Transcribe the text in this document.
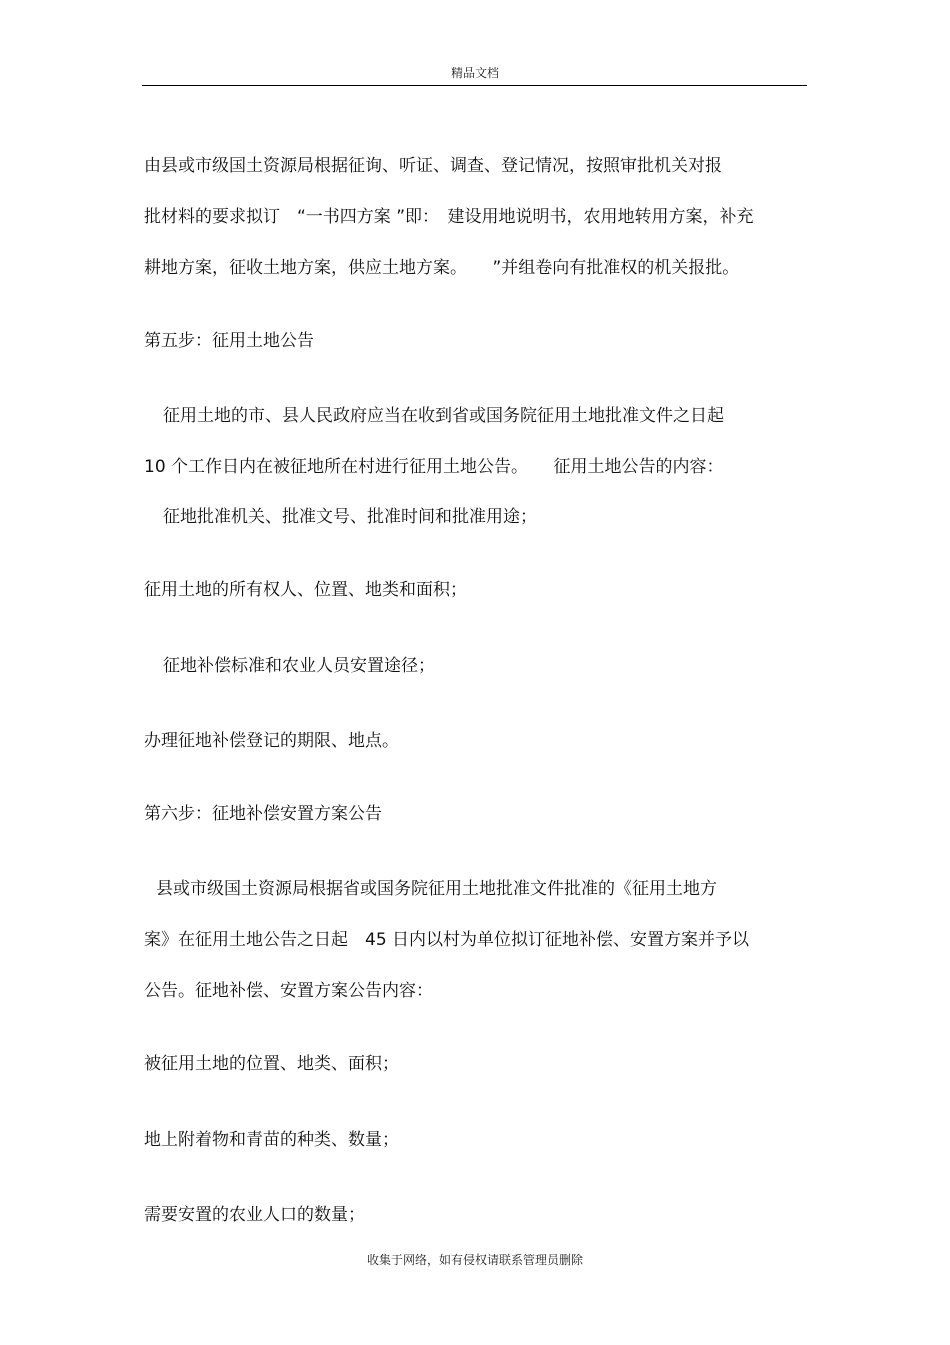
精品文档
由县或市级国土资源局根据征询、听证、调查、登记情况，按照审批机关对报
批材料的要求拟订　“一书四方案 ”即：　建设用地说明书，农用地转用方案，补充
耕地方案，征收土地方案，供应土地方案。　　”并组卷向有批准权的机关报批。
第五步：征用土地公告
征用土地的市、县人民政府应当在收到省或国务院征用土地批准文件之日起
10 个工作日内在被征地所在村进行征用土地公告。　　征用土地公告的内容：
征地批准机关、批准文号、批准时间和批准用途；
征用土地的所有权人、位置、地类和面积；
征地补偿标准和农业人员安置途径；
办理征地补偿登记的期限、地点。
第六步：征地补偿安置方案公告
县或市级国土资源局根据省或国务院征用土地批准文件批准的《征用土地方
案》在征用土地公告之日起　45 日内以村为单位拟订征地补偿、安置方案并予以
公告。征地补偿、安置方案公告内容：
被征用土地的位置、地类、面积；
地上附着物和青苗的种类、数量；
需要安置的农业人口的数量；
收集于网络，如有侵权请联系管理员删除
